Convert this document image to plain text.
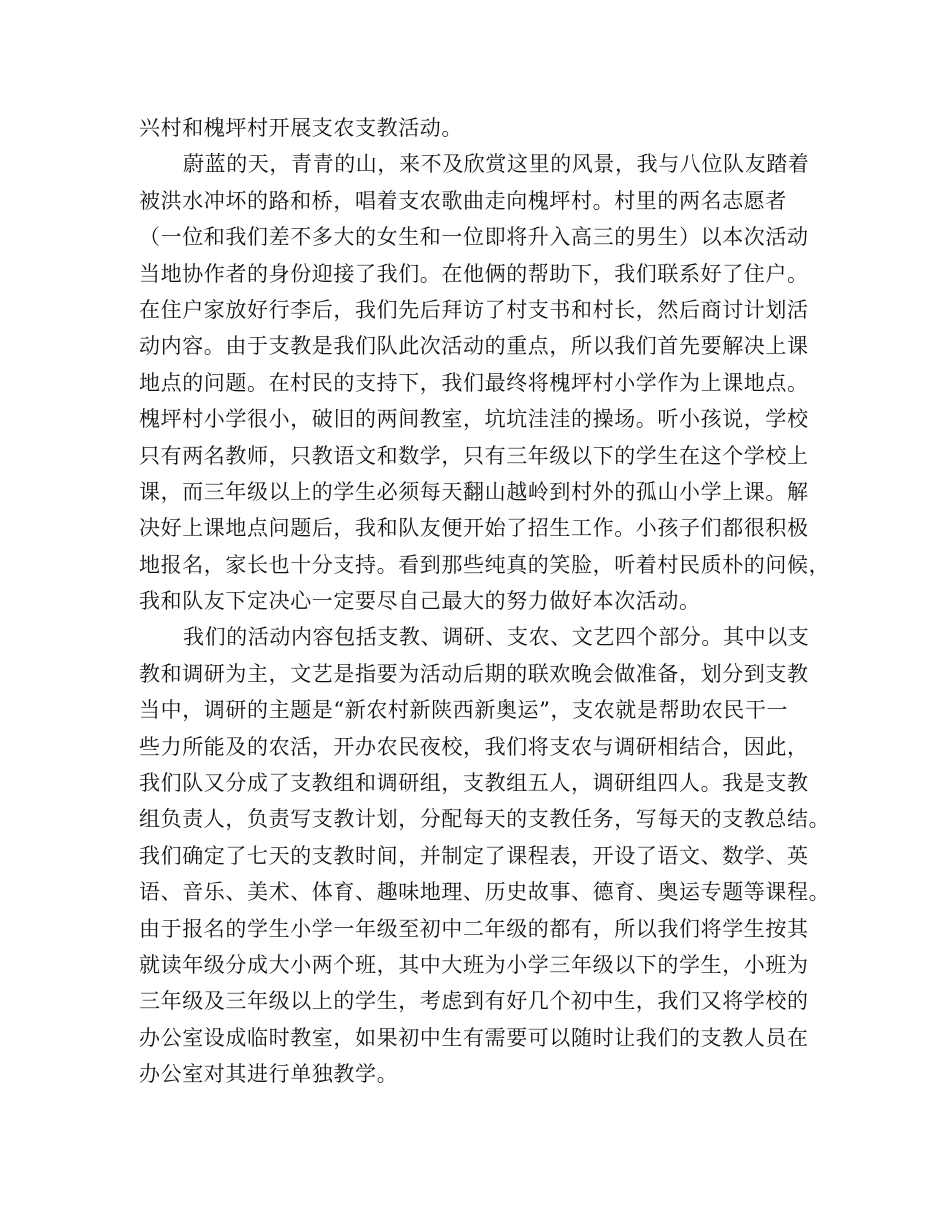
兴村和槐坪村开展支农支教活动。
蔚蓝的天，青青的山，来不及欣赏这里的风景，我与八位队友踏着
被洪水冲坏的路和桥，唱着支农歌曲走向槐坪村。村里的两名志愿者
（一位和我们差不多大的女生和一位即将升入高三的男生）以本次活动
当地协作者的身份迎接了我们。在他俩的帮助下，我们联系好了住户。
在住户家放好行李后，我们先后拜访了村支书和村长，然后商讨计划活
动内容。由于支教是我们队此次活动的重点，所以我们首先要解决上课
地点的问题。在村民的支持下，我们最终将槐坪村小学作为上课地点。
槐坪村小学很小，破旧的两间教室，坑坑洼洼的操场。听小孩说，学校
只有两名教师，只教语文和数学，只有三年级以下的学生在这个学校上
课，而三年级以上的学生必须每天翻山越岭到村外的孤山小学上课。解
决好上课地点问题后，我和队友便开始了招生工作。小孩子们都很积极
地报名，家长也十分支持。看到那些纯真的笑脸，听着村民质朴的问候，
我和队友下定决心一定要尽自己最大的努力做好本次活动。
我们的活动内容包括支教、调研、支农、文艺四个部分。其中以支
教和调研为主，文艺是指要为活动后期的联欢晚会做准备，划分到支教
当中，调研的主题是“新农村新陕西新奥运”，支农就是帮助农民干一
些力所能及的农活，开办农民夜校，我们将支农与调研相结合，因此，
我们队又分成了支教组和调研组，支教组五人，调研组四人。我是支教
组负责人，负责写支教计划，分配每天的支教任务，写每天的支教总结。
我们确定了七天的支教时间，并制定了课程表，开设了语文、数学、英
语、音乐、美术、体育、趣味地理、历史故事、德育、奥运专题等课程。
由于报名的学生小学一年级至初中二年级的都有，所以我们将学生按其
就读年级分成大小两个班，其中大班为小学三年级以下的学生，小班为
三年级及三年级以上的学生，考虑到有好几个初中生，我们又将学校的
办公室设成临时教室，如果初中生有需要可以随时让我们的支教人员在
办公室对其进行单独教学。
